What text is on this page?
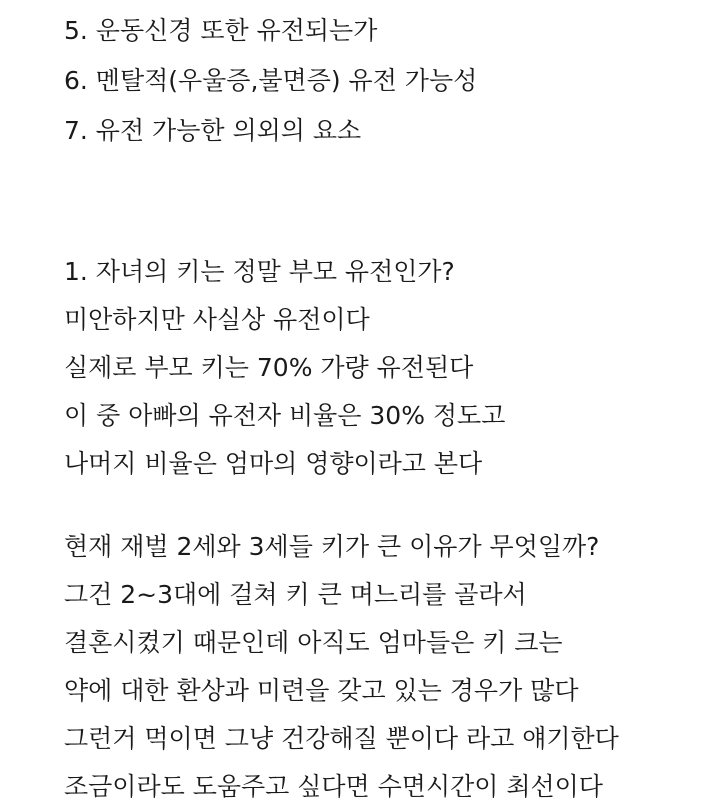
5. 운동신경 또한 유전되는가
6. 멘탈적(우울증,불면증) 유전 가능성
7. 유전 가능한 의외의 요소
1. 자녀의 키는 정말 부모 유전인가?
미안하지만 사실상 유전이다
실제로 부모 키는 70% 가량 유전된다
이 중 아빠의 유전자 비율은 30% 정도고
나머지 비율은 엄마의 영향이라고 본다
현재 재벌 2세와 3세들 키가 큰 이유가 무엇일까?
그건 2~3대에 걸쳐 키 큰 며느리를 골라서
결혼시켰기 때문인데 아직도 엄마들은 키 크는
약에 대한 환상과 미련을 갖고 있는 경우가 많다
그런거 먹이면 그냥 건강해질 뿐이다 라고 얘기한다
조금이라도 도움주고 싶다면 수면시간이 최선이다
